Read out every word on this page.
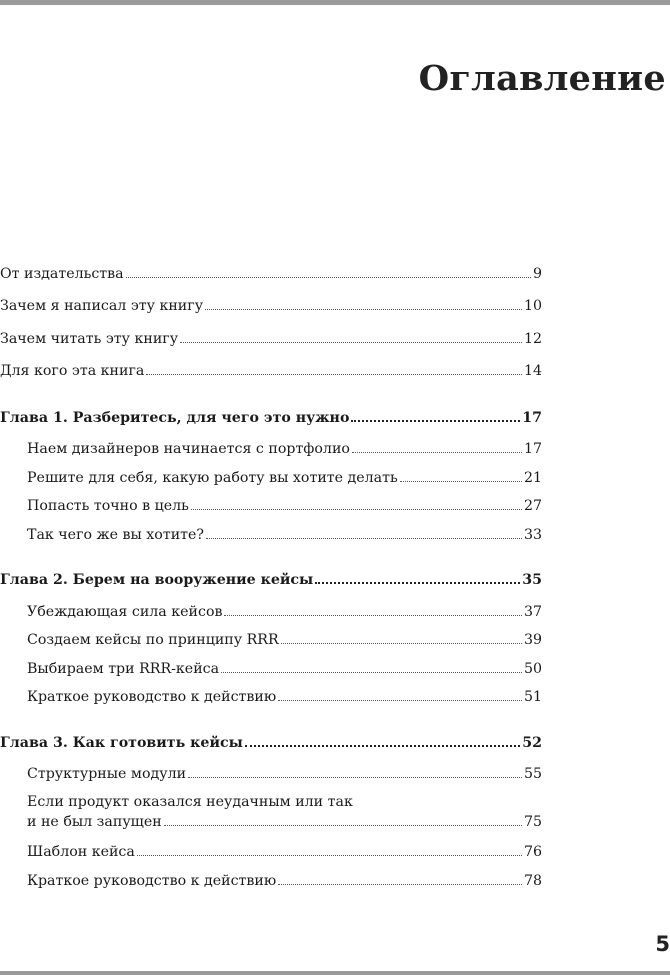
Оглавление
От издательства	9
Зачем я написал эту книгу	10
Зачем читать эту книгу	12
Для кого эта книга	14
Глава 1. Разберитесь, для чего это нужно	17
Наем дизайнеров начинается с портфолио	17
Решите для себя, какую работу вы хотите делать	21
Попасть точно в цель	27
Так чего же вы хотите?	33
Глава 2. Берем на вооружение кейсы	35
Убеждающая сила кейсов	37
Создаем кейсы по принципу RRR	39
Выбираем три RRR-кейса	50
Краткое руководство к действию	51
Глава 3. Как готовить кейсы	52
Структурные модули	55
Если продукт оказался неудачным или так
и не был запущен	75
Шаблон кейса	76
Краткое руководство к действию	78
5
